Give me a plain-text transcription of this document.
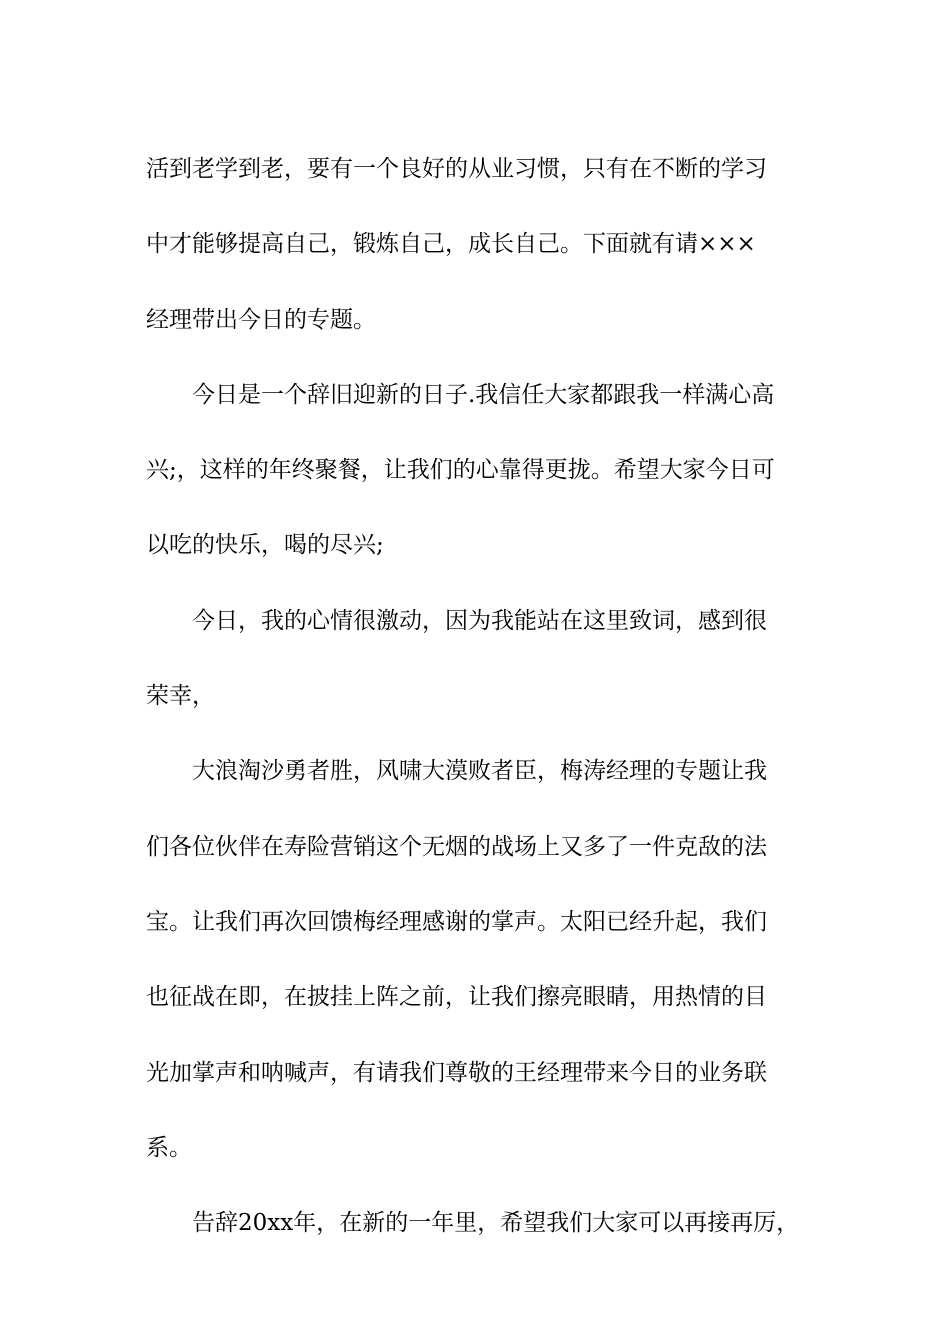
活到老学到老，要有一个良好的从业习惯，只有在不断的学习
中才能够提高自己，锻炼自己，成长自己。下面就有请×××
经理带出今日的专题。

今日是一个辞旧迎新的日子.我信任大家都跟我一样满心高
兴;，这样的年终聚餐，让我们的心靠得更拢。希望大家今日可
以吃的快乐，喝的尽兴;

今日，我的心情很激动，因为我能站在这里致词，感到很
荣幸，

大浪淘沙勇者胜，风啸大漠败者臣，梅涛经理的专题让我
们各位伙伴在寿险营销这个无烟的战场上又多了一件克敌的法
宝。让我们再次回馈梅经理感谢的掌声。太阳已经升起，我们
也征战在即，在披挂上阵之前，让我们擦亮眼睛，用热情的目
光加掌声和呐喊声，有请我们尊敬的王经理带来今日的业务联
系。

告辞20xx年，在新的一年里，希望我们大家可以再接再厉，
